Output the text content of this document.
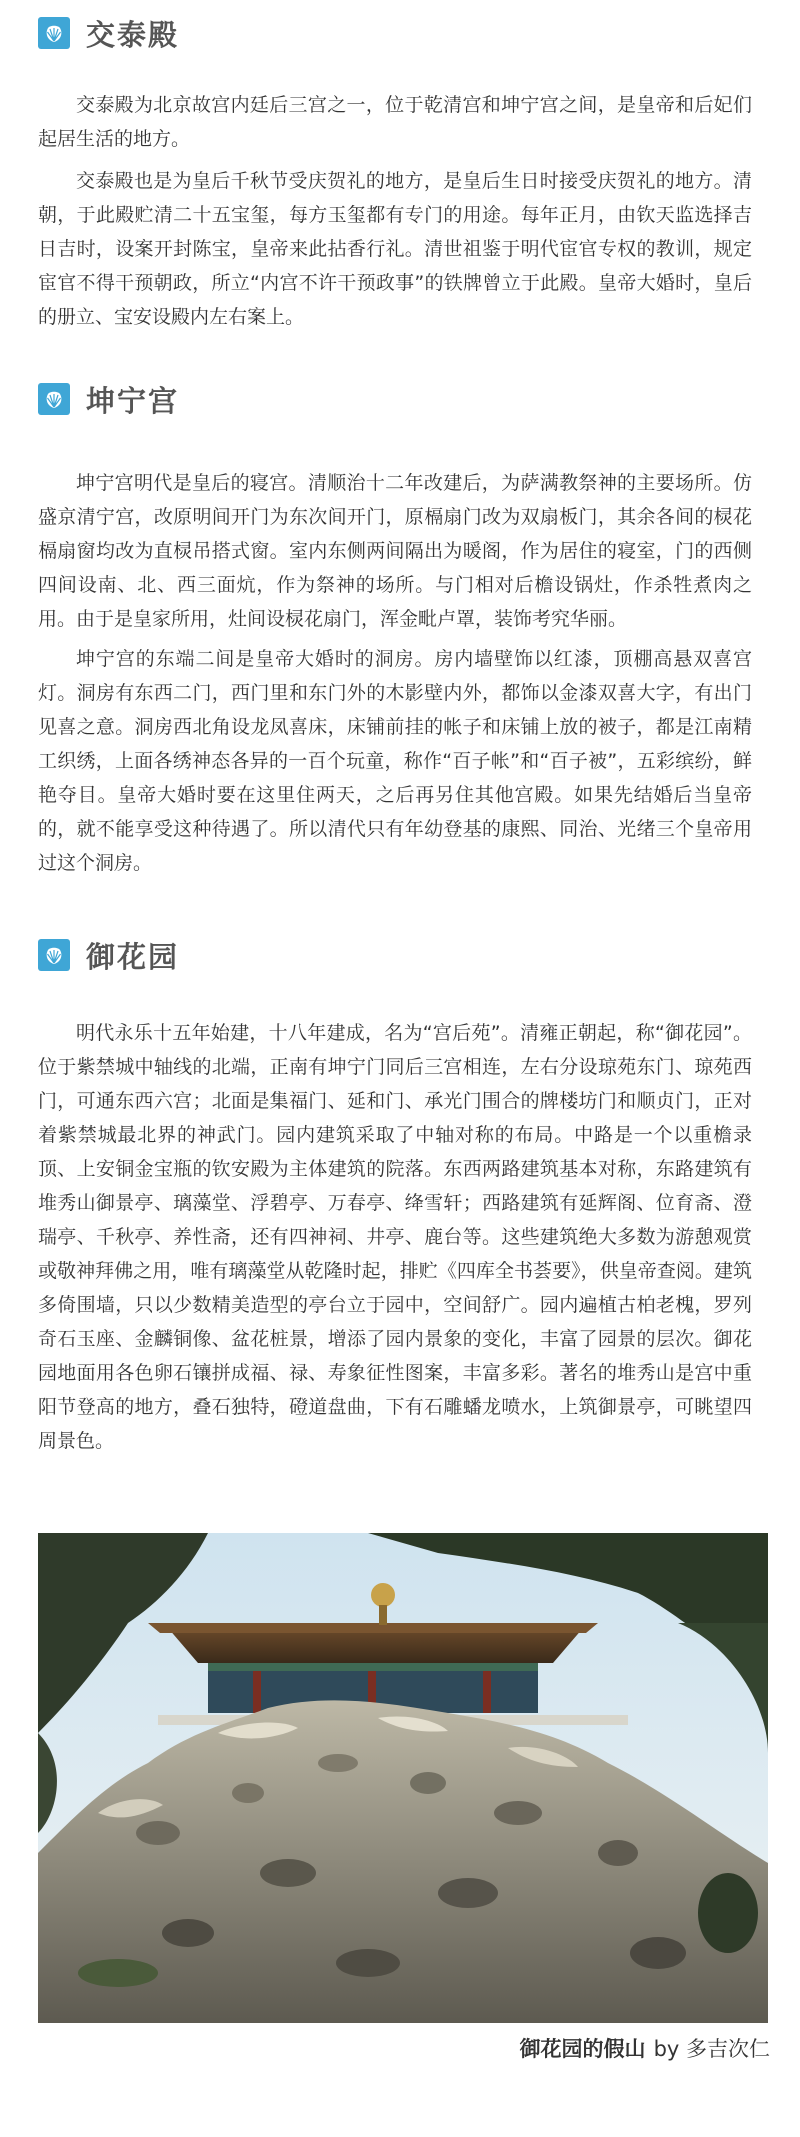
交泰殿

交泰殿为北京故宫内廷后三宫之一，位于乾清宫和坤宁宫之间，是皇帝和后妃们起居生活的地方。

交泰殿也是为皇后千秋节受庆贺礼的地方，是皇后生日时接受庆贺礼的地方。清朝，于此殿贮清二十五宝玺，每方玉玺都有专门的用途。每年正月，由钦天监选择吉日吉时，设案开封陈宝，皇帝来此拈香行礼。清世祖鉴于明代宦官专权的教训，规定宦官不得干预朝政，所立“内宫不许干预政事”的铁牌曾立于此殿。皇帝大婚时，皇后的册立、宝安设殿内左右案上。

坤宁宫

坤宁宫明代是皇后的寝宫。清顺治十二年改建后，为萨满教祭神的主要场所。仿盛京清宁宫，改原明间开门为东次间开门，原槅扇门改为双扇板门，其余各间的棂花槅扇窗均改为直棂吊搭式窗。室内东侧两间隔出为暖阁，作为居住的寝室，门的西侧四间设南、北、西三面炕，作为祭神的场所。与门相对后檐设锅灶，作杀牲煮肉之用。由于是皇家所用，灶间设棂花扇门，浑金毗卢罩，装饰考究华丽。

坤宁宫的东端二间是皇帝大婚时的洞房。房内墙壁饰以红漆，顶棚高悬双喜宫灯。洞房有东西二门，西门里和东门外的木影壁内外，都饰以金漆双喜大字，有出门见喜之意。洞房西北角设龙凤喜床，床铺前挂的帐子和床铺上放的被子，都是江南精工织绣，上面各绣神态各异的一百个玩童，称作“百子帐”和“百子被”，五彩缤纷，鲜艳夺目。皇帝大婚时要在这里住两天，之后再另住其他宫殿。如果先结婚后当皇帝的，就不能享受这种待遇了。所以清代只有年幼登基的康熙、同治、光绪三个皇帝用过这个洞房。

御花园

明代永乐十五年始建，十八年建成，名为“宫后苑”。清雍正朝起，称“御花园”。位于紫禁城中轴线的北端，正南有坤宁门同后三宫相连，左右分设琼苑东门、琼苑西门，可通东西六宫；北面是集福门、延和门、承光门围合的牌楼坊门和顺贞门，正对着紫禁城最北界的神武门。园内建筑采取了中轴对称的布局。中路是一个以重檐录顶、上安铜金宝瓶的钦安殿为主体建筑的院落。东西两路建筑基本对称，东路建筑有堆秀山御景亭、璃藻堂、浮碧亭、万春亭、绛雪轩；西路建筑有延辉阁、位育斋、澄瑞亭、千秋亭、养性斋，还有四神祠、井亭、鹿台等。这些建筑绝大多数为游憩观赏或敬神拜佛之用，唯有璃藻堂从乾隆时起，排贮《四库全书荟要》，供皇帝查阅。建筑多倚围墙，只以少数精美造型的亭台立于园中，空间舒广。园内遍植古柏老槐，罗列奇石玉座、金麟铜像、盆花桩景，增添了园内景象的变化，丰富了园景的层次。御花园地面用各色卵石镶拼成福、禄、寿象征性图案，丰富多彩。著名的堆秀山是宫中重阳节登高的地方，叠石独特，磴道盘曲，下有石雕蟠龙喷水，上筑御景亭，可眺望四周景色。

御花园的假山 by 多吉次仁
